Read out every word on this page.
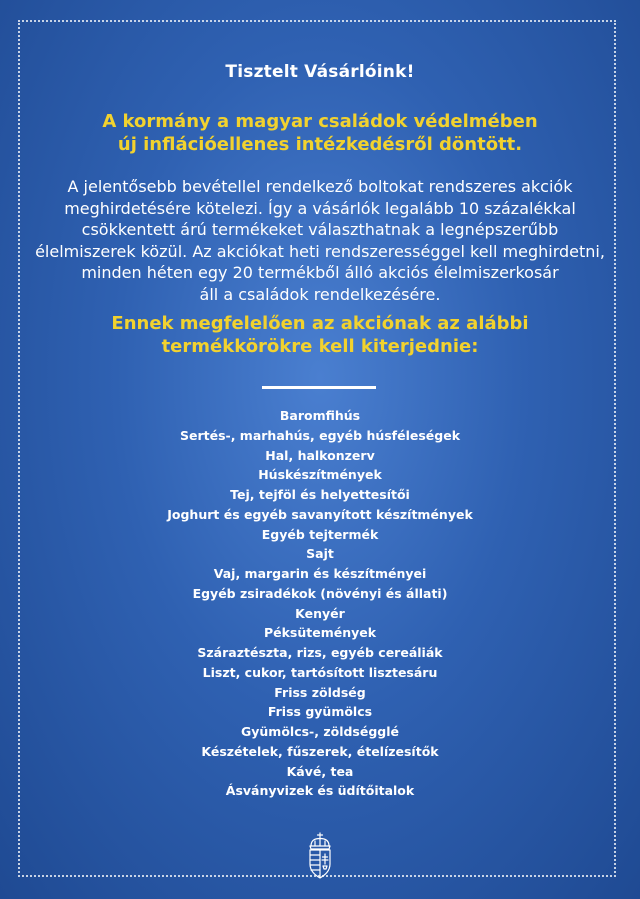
Tisztelt Vásárlóink!
A kormány a magyar családok védelmében
új inflációellenes intézkedésről döntött.
A jelentősebb bevétellel rendelkező boltokat rendszeres akciók
meghirdetésére kötelezi. Így a vásárlók legalább 10 százalékkal
csökkentett árú termékeket választhatnak a legnépszerűbb
élelmiszerek közül. Az akciókat heti rendszerességgel kell meghirdetni,
minden héten egy 20 termékből álló akciós élelmiszerkosár
áll a családok rendelkezésére.
Ennek megfelelően az akciónak az alábbi
termékkörökre kell kiterjednie:
Baromfihús
Sertés-, marhahús, egyéb húsféleségek
Hal, halkonzerv
Húskészítmények
Tej, tejföl és helyettesítői
Joghurt és egyéb savanyított készítmények
Egyéb tejtermék
Sajt
Vaj, margarin és készítményei
Egyéb zsiradékok (növényi és állati)
Kenyér
Péksütemények
Száraztészta, rizs, egyéb cereáliák
Liszt, cukor, tartósított lisztesáru
Friss zöldség
Friss gyümölcs
Gyümölcs-, zöldségglé
Készételek, fűszerek, ételízesítők
Kávé, tea
Ásványvizek és üdítőitalok
